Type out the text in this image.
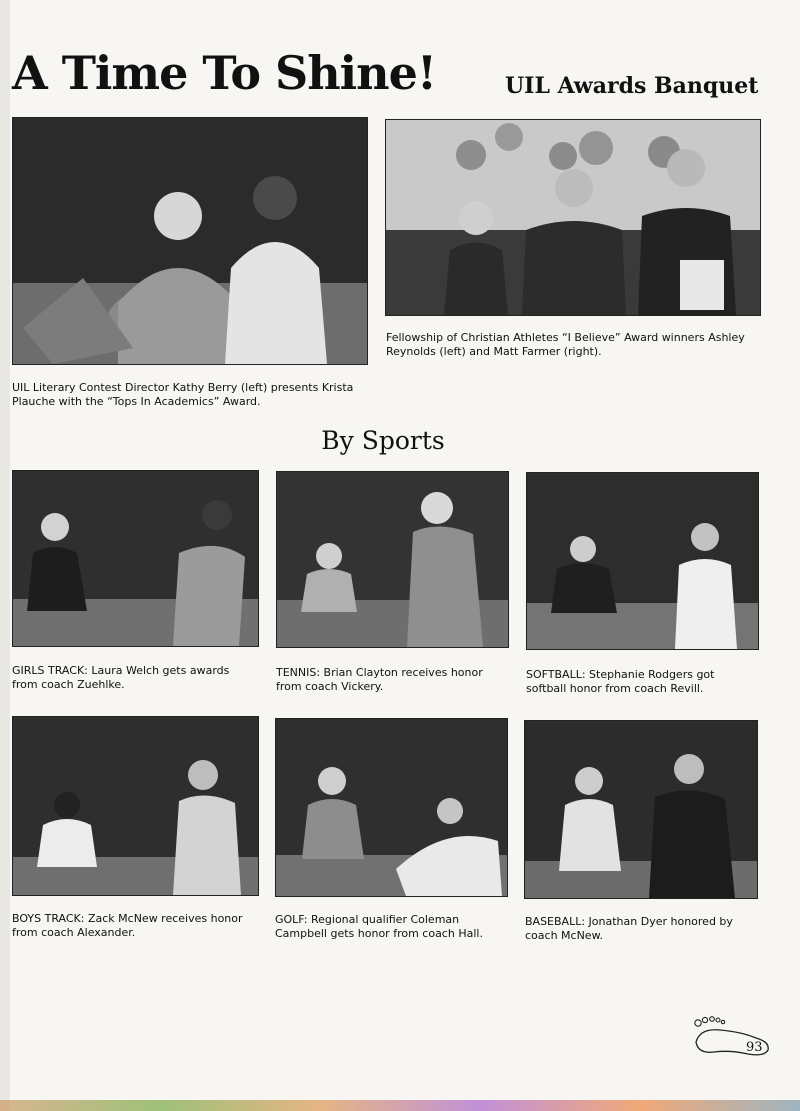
A Time To Shine!	UIL Awards Banquet

Fellowship of Christian Athletes “I Believe” Award winners Ashley Reynolds (left) and Matt Farmer (right).

UIL Literary Contest Director Kathy Berry (left) presents Krista Plauche with the “Tops In Academics” Award.

By Sports

GIRLS TRACK: Laura Welch gets awards from coach Zuehlke.

TENNIS: Brian Clayton receives honor from coach Vickery.

SOFTBALL: Stephanie Rodgers got softball honor from coach Revill.

BOYS TRACK: Zack McNew receives honor from coach Alexander.

GOLF: Regional qualifier Coleman Campbell gets honor from coach Hall.

BASEBALL: Jonathan Dyer honored by coach McNew.

93
